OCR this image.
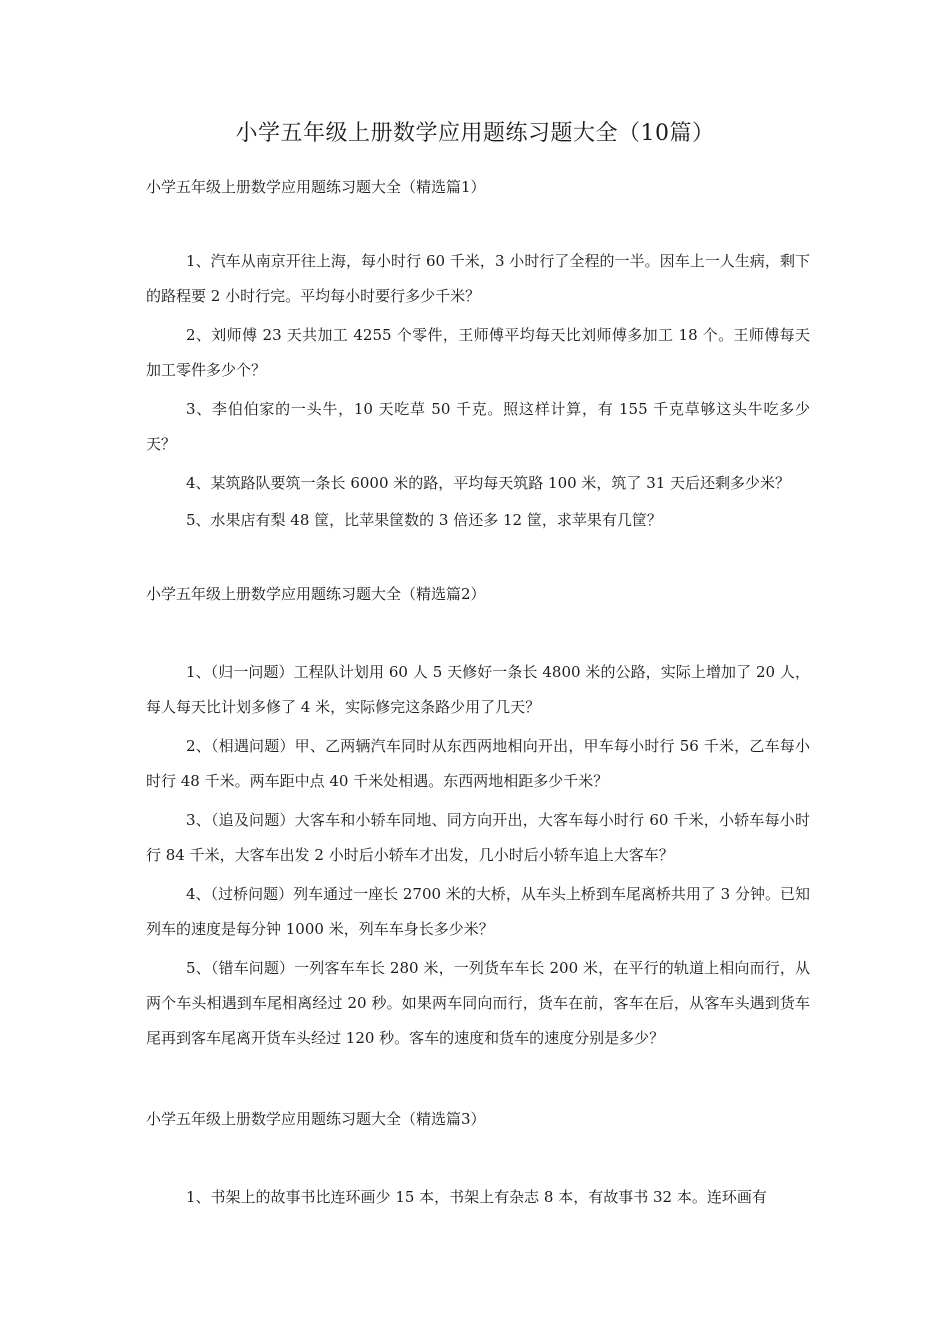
小学五年级上册数学应用题练习题大全（10篇）

小学五年级上册数学应用题练习题大全（精选篇1）

1、汽车从南京开往上海，每小时行 60 千米，3 小时行了全程的一半。因车上一人生病，剩下的路程要 2 小时行完。平均每小时要行多少千米？

2、刘师傅 23 天共加工 4255 个零件，王师傅平均每天比刘师傅多加工 18 个。王师傅每天加工零件多少个？

3、李伯伯家的一头牛，10 天吃草 50 千克。照这样计算，有 155 千克草够这头牛吃多少天？

4、某筑路队要筑一条长 6000 米的路，平均每天筑路 100 米，筑了 31 天后还剩多少米？

5、水果店有梨 48 筐，比苹果筐数的 3 倍还多 12 筐，求苹果有几筐？

小学五年级上册数学应用题练习题大全（精选篇2）

1、（归一问题）工程队计划用 60 人 5 天修好一条长 4800 米的公路，实际上增加了 20 人，每人每天比计划多修了 4 米，实际修完这条路少用了几天？

2、（相遇问题）甲、乙两辆汽车同时从东西两地相向开出，甲车每小时行 56 千米，乙车每小时行 48 千米。两车距中点 40 千米处相遇。东西两地相距多少千米？

3、（追及问题）大客车和小轿车同地、同方向开出，大客车每小时行 60 千米，小轿车每小时行 84 千米，大客车出发 2 小时后小轿车才出发，几小时后小轿车追上大客车？

4、（过桥问题）列车通过一座长 2700 米的大桥，从车头上桥到车尾离桥共用了 3 分钟。已知列车的速度是每分钟 1000 米，列车车身长多少米？

5、（错车问题）一列客车车长 280 米，一列货车车长 200 米，在平行的轨道上相向而行，从两个车头相遇到车尾相离经过 20 秒。如果两车同向而行，货车在前，客车在后，从客车头遇到货车尾再到客车尾离开货车头经过 120 秒。客车的速度和货车的速度分别是多少？

小学五年级上册数学应用题练习题大全（精选篇3）

1、书架上的故事书比连环画少 15 本，书架上有杂志 8 本，有故事书 32 本。连环画有
